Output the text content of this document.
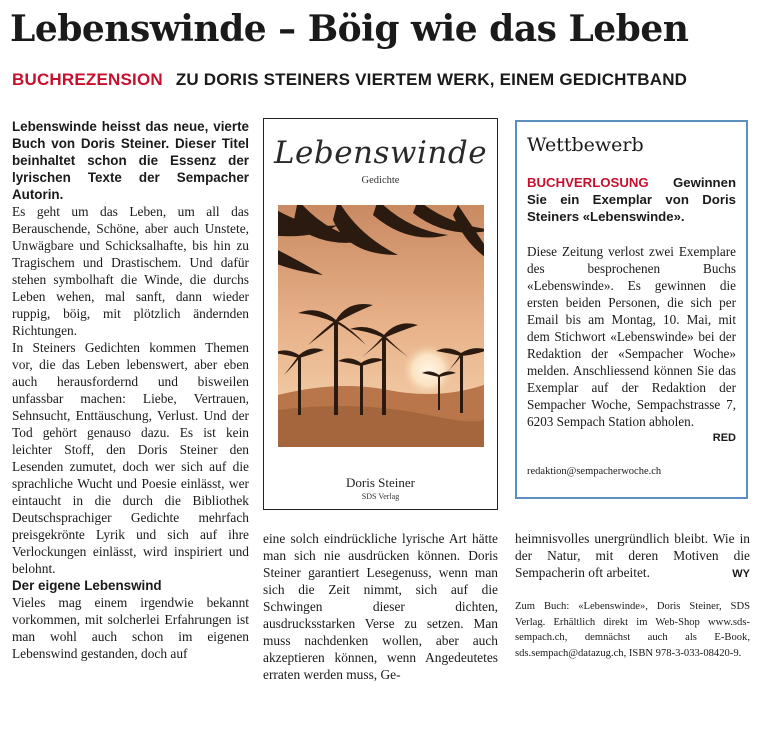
Lebenswinde – Böig wie das Leben
BUCHREZENSION ZU DORIS STEINERS VIERTEM WERK, EINEM GEDICHTBAND

Lebenswinde heisst das neue, vierte Buch von Doris Steiner. Dieser Titel beinhaltet schon die Essenz der lyrischen Texte der Sempacher Autorin.

Es geht um das Leben, um all das Berauschende, Schöne, aber auch Unstete, Unwägbare und Schicksalhafte, bis hin zu Tragischem und Drastischem. Und dafür stehen symbolhaft die Winde, die durchs Leben wehen, mal sanft, dann wieder ruppig, böig, mit plötzlich ändernden Richtungen.

In Steiners Gedichten kommen Themen vor, die das Leben lebenswert, aber eben auch herausfordernd und bisweilen unfassbar machen: Liebe, Vertrauen, Sehnsucht, Enttäuschung, Verlust. Und der Tod gehört genauso dazu. Es ist kein leichter Stoff, den Doris Steiner den Lesenden zumutet, doch wer sich auf die sprachliche Wucht und Poesie einlässt, wer eintaucht in die durch die Bibliothek Deutschsprachiger Gedichte mehrfach preisgekrönte Lyrik und sich auf ihre Verlockungen einlässt, wird inspiriert und belohnt.

Der eigene Lebenswind

Vieles mag einem irgendwie bekannt vorkommen, mit solcherlei Erfahrungen ist man wohl auch schon im eigenen Lebenswind gestanden, doch auf

Lebenswinde
Gedichte
Doris Steiner
SDS Verlag
Wettbewerb

BUCHVERLOSUNG Gewinnen Sie ein Exemplar von Doris Steiners «Lebenswinde».

Diese Zeitung verlost zwei Exemplare des besprochenen Buchs «Lebenswinde». Es gewinnen die ersten beiden Personen, die sich per Email bis am Montag, 10. Mai, mit dem Stichwort «Lebenswinde» bei der Redaktion der «Sempacher Woche» melden. Anschliessend können Sie das Exemplar auf der Redaktion der Sempacher Woche, Sempachstrasse 7, 6203 Sempach Station abholen.

RED
redaktion@sempacherwoche.ch

eine solch eindrückliche lyrische Art hätte man sich nie ausdrücken können. Doris Steiner garantiert Lesegenuss, wenn man sich die Zeit nimmt, sich auf die Schwingen dieser dichten, ausdrucksstarken Verse zu setzen. Man muss nachdenken wollen, aber auch akzeptieren können, wenn Angedeutetes erraten werden muss, Ge-

heimnisvolles unergründlich bleibt. Wie in der Natur, mit deren Motiven die Sempacherin oft arbeitet.	WY

Zum Buch: «Lebenswinde», Doris Steiner, SDS Verlag. Erhältlich direkt im Web-Shop www.sds-sempach.ch, demnächst auch als E-Book, sds.sempach@datazug.ch, ISBN 978-3-033-08420-9.
